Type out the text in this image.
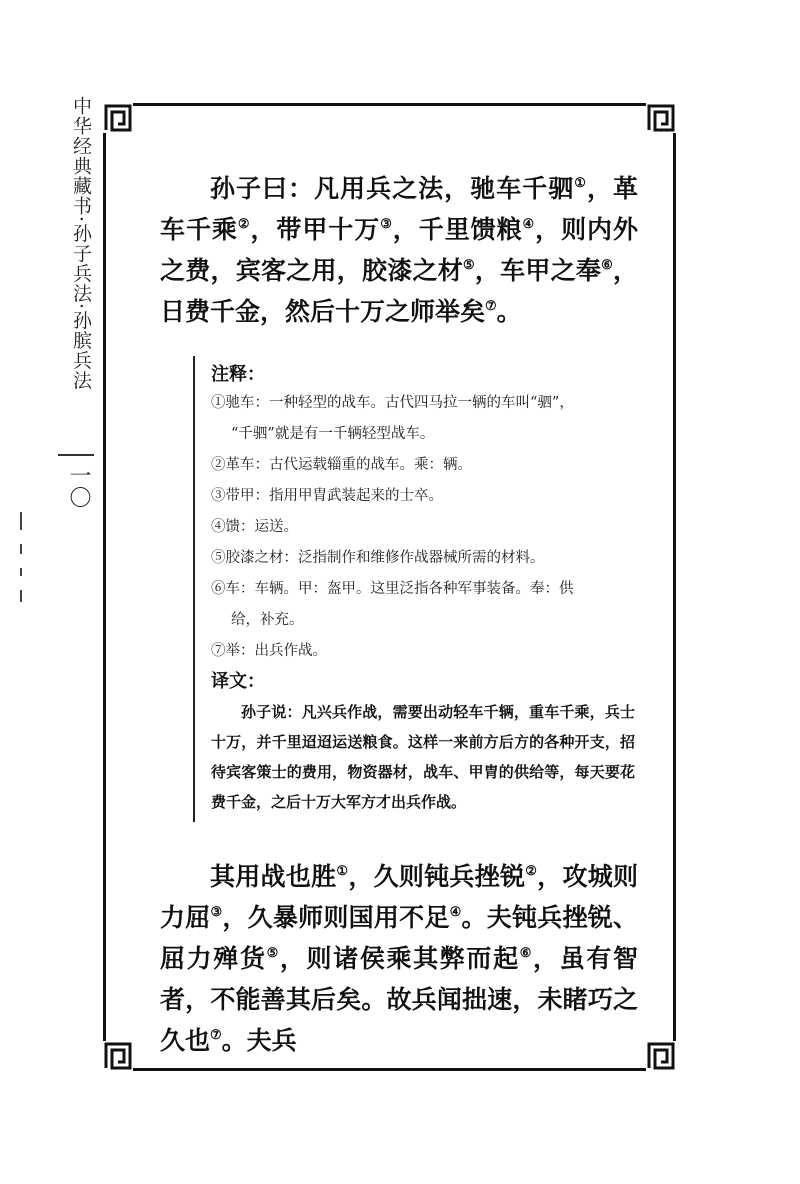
中华经典藏书·孙子兵法·孙膑兵法
一〇
孙子曰：凡用兵之法，驰车千驷①，革车千乘②，带甲十万③，千里馈粮④，则内外之费，宾客之用，胶漆之材⑤，车甲之奉⑥，日费千金，然后十万之师举矣⑦。
注释：
①驰车：一种轻型的战车。古代四马拉一辆的车叫“驷”，
“千驷”就是有一千辆轻型战车。
②革车：古代运载辎重的战车。乘：辆。
③带甲：指用甲胄武装起来的士卒。
④馈：运送。
⑤胶漆之材：泛指制作和维修作战器械所需的材料。
⑥车：车辆。甲：盔甲。这里泛指各种军事装备。奉：供
给，补充。
⑦举：出兵作战。
译文：
孙子说：凡兴兵作战，需要出动轻车千辆，重车千乘，兵士十万，并千里迢迢运送粮食。这样一来前方后方的各种开支，招待宾客策士的费用，物资器材，战车、甲胄的供给等，每天要花费千金，之后十万大军方才出兵作战。
其用战也胜①，久则钝兵挫锐②，攻城则力屈③，久暴师则国用不足④。夫钝兵挫锐、屈力殚货⑤，则诸侯乘其弊而起⑥，虽有智者，不能善其后矣。故兵闻拙速，未睹巧之久也⑦。夫兵
